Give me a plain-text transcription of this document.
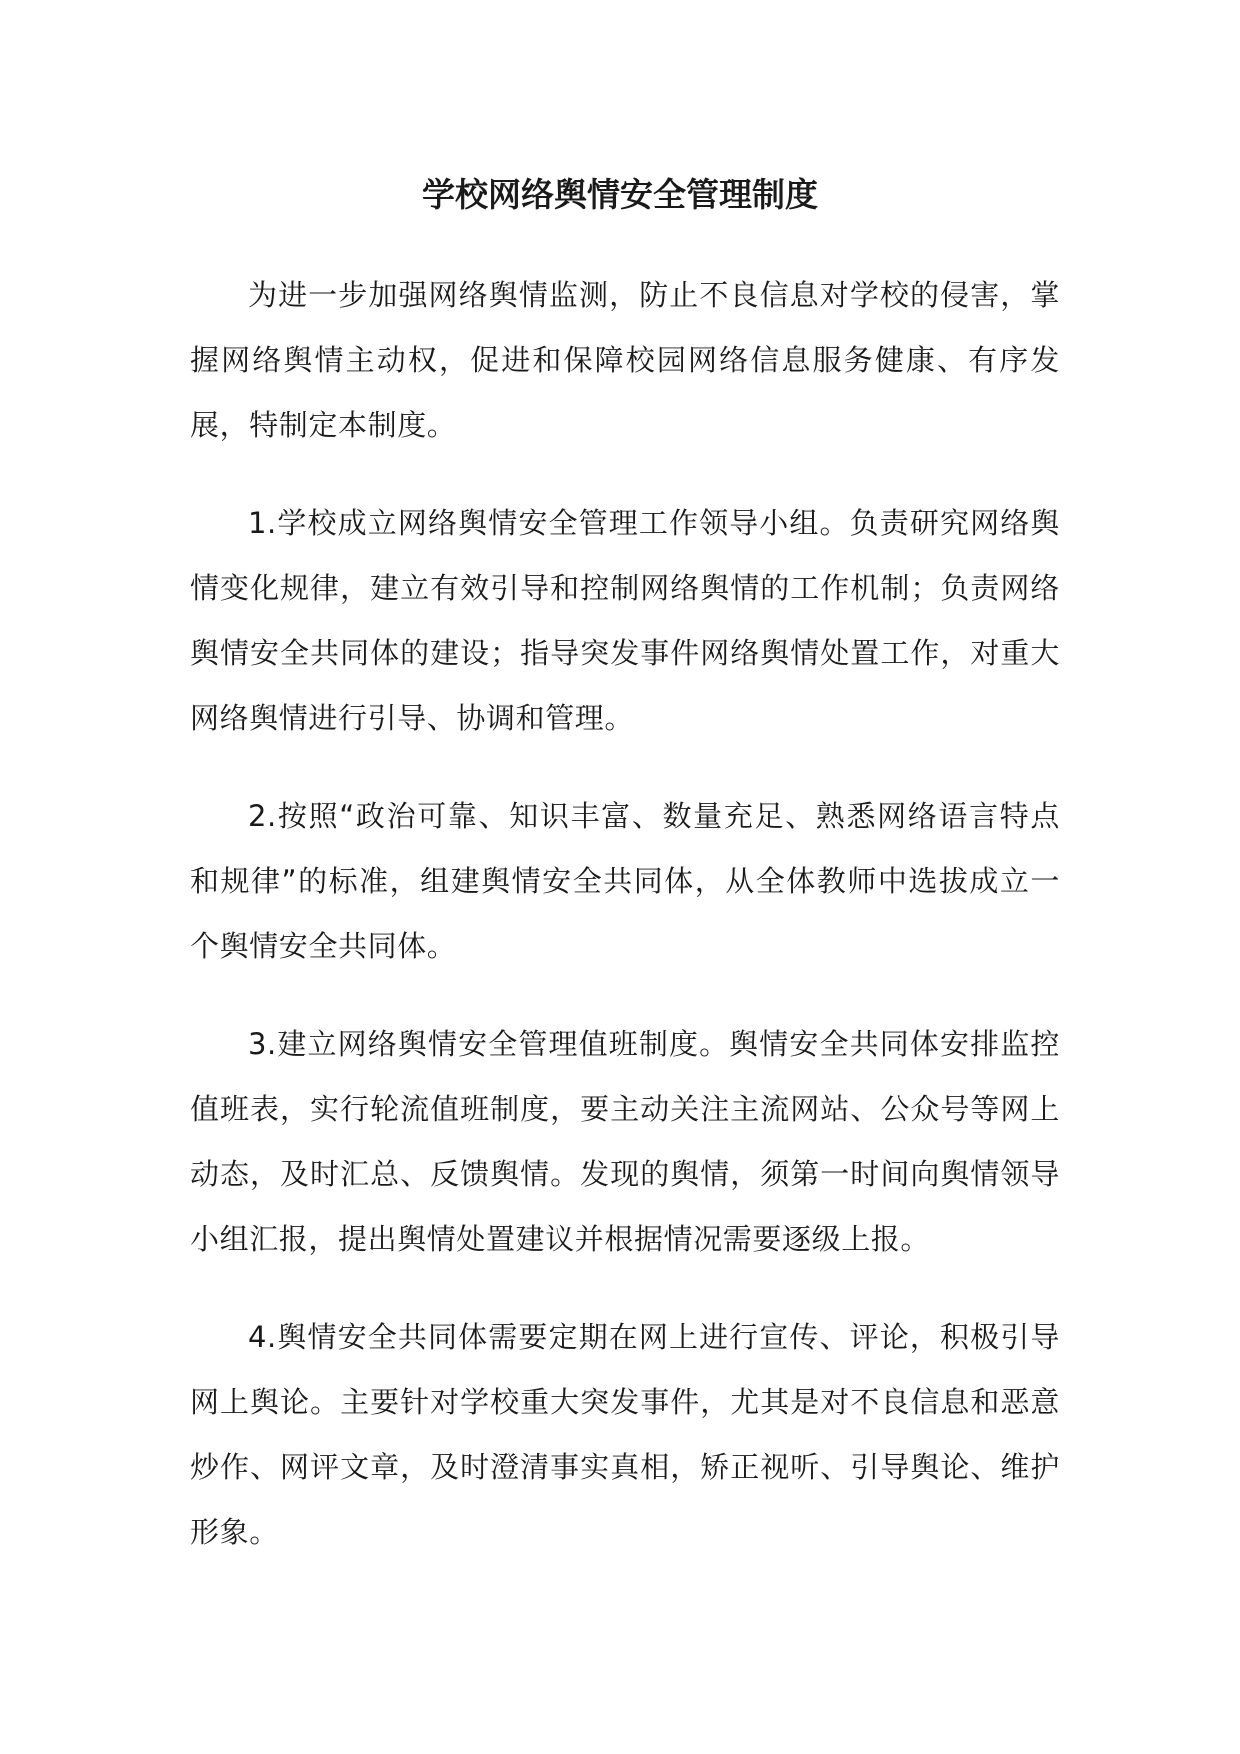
学校网络舆情安全管理制度

为进一步加强网络舆情监测，防止不良信息对学校的侵害，掌握网络舆情主动权，促进和保障校园网络信息服务健康、有序发展，特制定本制度。

1.学校成立网络舆情安全管理工作领导小组。负责研究网络舆情变化规律，建立有效引导和控制网络舆情的工作机制；负责网络舆情安全共同体的建设；指导突发事件网络舆情处置工作，对重大网络舆情进行引导、协调和管理。

2.按照“政治可靠、知识丰富、数量充足、熟悉网络语言特点和规律”的标准，组建舆情安全共同体，从全体教师中选拔成立一个舆情安全共同体。

3.建立网络舆情安全管理值班制度。舆情安全共同体安排监控值班表，实行轮流值班制度，要主动关注主流网站、公众号等网上动态，及时汇总、反馈舆情。发现的舆情，须第一时间向舆情领导小组汇报，提出舆情处置建议并根据情况需要逐级上报。

4.舆情安全共同体需要定期在网上进行宣传、评论，积极引导网上舆论。主要针对学校重大突发事件，尤其是对不良信息和恶意炒作、网评文章，及时澄清事实真相，矫正视听、引导舆论、维护形象。
